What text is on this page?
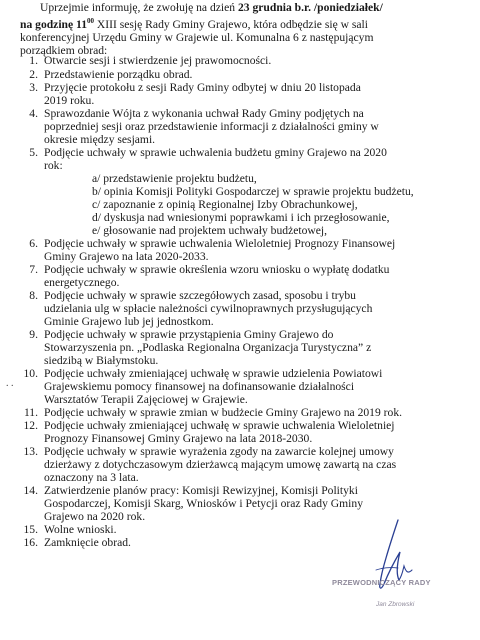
Uprzejmie informuję, że zwołuję na dzień 23 grudnia b.r. /poniedziałek/
na godzinę $11^{00}$ XIII sesję Rady Gminy Grajewo, która odbędzie się w sali
konferencyjnej Urzędu Gminy w Grajewie ul. Komunalna 6 z następującym
porządkiem obrad:
1. Otwarcie sesji i stwierdzenie jej prawomocności.
2. Przedstawienie porządku obrad.
3. Przyjęcie protokołu z sesji Rady Gminy odbytej w dniu 20 listopada
2019 roku.
4. Sprawozdanie Wójta z wykonania uchwał Rady Gminy podjętych na
poprzedniej sesji oraz przedstawienie informacji z działalności gminy w
okresie między sesjami.
5. Podjęcie uchwały w sprawie uchwalenia budżetu gminy Grajewo na 2020
rok:
a/ przedstawienie projektu budżetu,
b/ opinia Komisji Polityki Gospodarczej w sprawie projektu budżetu,
c/ zapoznanie z opinią Regionalnej Izby Obrachunkowej,
d/ dyskusja nad wniesionymi poprawkami i ich przegłosowanie,
e/ głosowanie nad projektem uchwały budżetowej,
6. Podjęcie uchwały w sprawie uchwalenia Wieloletniej Prognozy Finansowej
Gminy Grajewo na lata 2020-2033.
7. Podjęcie uchwały w sprawie określenia wzoru wniosku o wypłatę dodatku
energetycznego.
8. Podjęcie uchwały w sprawie szczegółowych zasad, sposobu i trybu
udzielania ulg w spłacie należności cywilnoprawnych przysługujących
Gminie Grajewo lub jej jednostkom.
9. Podjęcie uchwały w sprawie przystąpienia Gminy Grajewo do
Stowarzyszenia pn. „Podlaska Regionalna Organizacja Turystyczna” z
siedzibą w Białymstoku.
10. Podjęcie uchwały zmieniającej uchwałę w sprawie udzielenia Powiatowi
Grajewskiemu pomocy finansowej na dofinansowanie działalności
Warsztatów Terapii Zajęciowej w Grajewie.
11. Podjęcie uchwały w sprawie zmian w budżecie Gminy Grajewo na 2019 rok.
12. Podjęcie uchwały zmieniającej uchwałę w sprawie uchwalenia Wieloletniej
Prognozy Finansowej Gminy Grajewo na lata 2018-2030.
13. Podjęcie uchwały w sprawie wyrażenia zgody na zawarcie kolejnej umowy
dzierżawy z dotychczasowym dzierżawcą mającym umowę zawartą na czas
oznaczony na 3 lata.
14. Zatwierdzenie planów pracy: Komisji Rewizyjnej, Komisji Polityki
Gospodarczej, Komisji Skarg, Wniosków i Petycji oraz Rady Gminy
Grajewo na 2020 rok.
15. Wolne wnioski.
16. Zamknięcie obrad.
. .
PRZEWODNICZĄCY RADY
Jan Zbrowski
